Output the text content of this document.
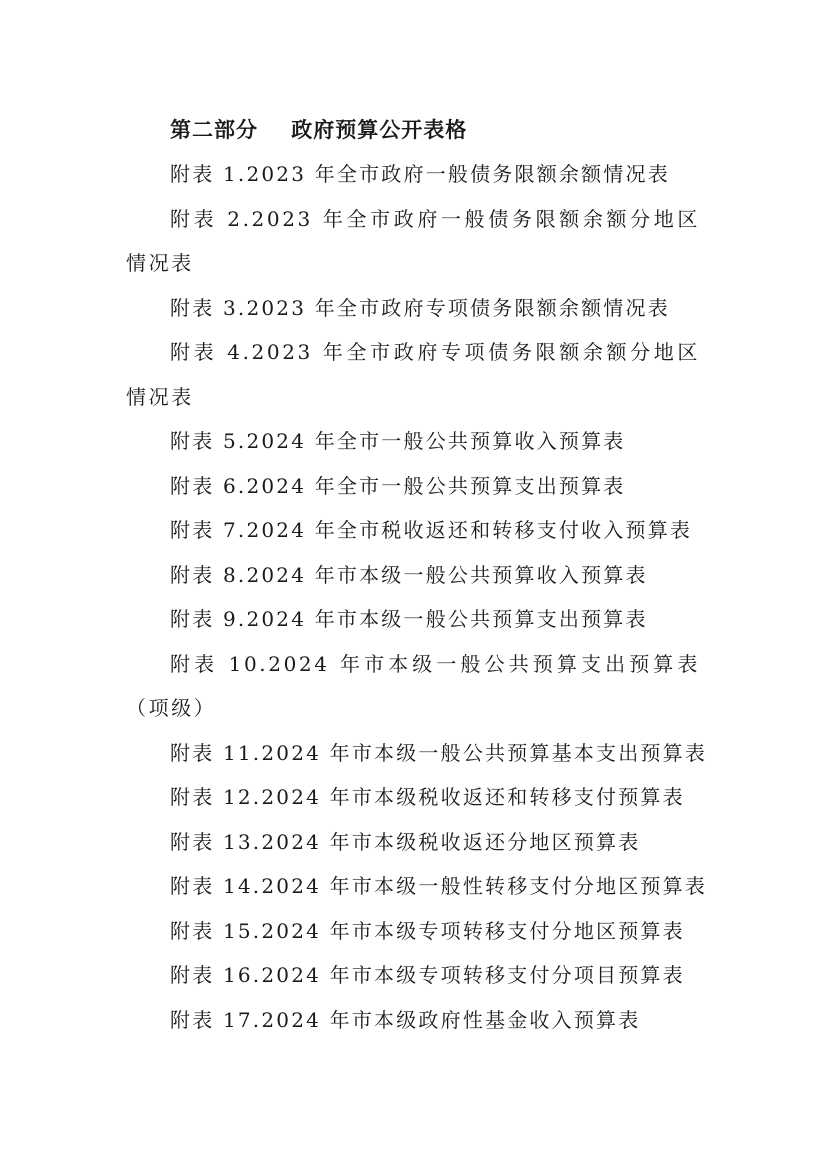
第二部分 政府预算公开表格

附表 1.2023 年全市政府一般债务限额余额情况表

附表 2.2023 年全市政府一般债务限额余额分地区情况表

附表 3.2023 年全市政府专项债务限额余额情况表

附表 4.2023 年全市政府专项债务限额余额分地区情况表

附表 5.2024 年全市一般公共预算收入预算表

附表 6.2024 年全市一般公共预算支出预算表

附表 7.2024 年全市税收返还和转移支付收入预算表

附表 8.2024 年市本级一般公共预算收入预算表

附表 9.2024 年市本级一般公共预算支出预算表

附表 10.2024 年市本级一般公共预算支出预算表（项级）

附表 11.2024 年市本级一般公共预算基本支出预算表

附表 12.2024 年市本级税收返还和转移支付预算表

附表 13.2024 年市本级税收返还分地区预算表

附表 14.2024 年市本级一般性转移支付分地区预算表

附表 15.2024 年市本级专项转移支付分地区预算表

附表 16.2024 年市本级专项转移支付分项目预算表

附表 17.2024 年市本级政府性基金收入预算表
